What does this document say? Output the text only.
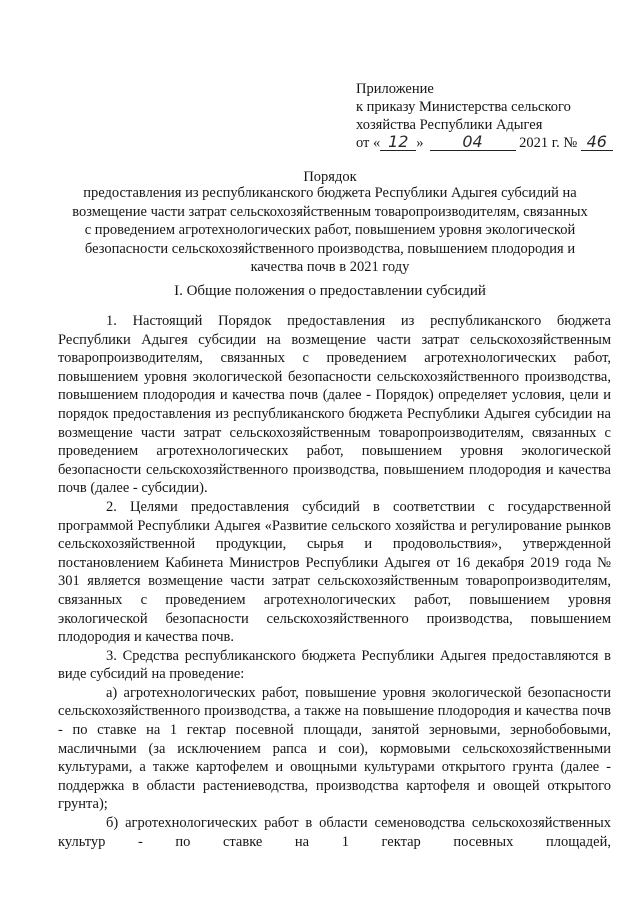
Приложение
к приказу Министерства сельского
хозяйства Республики Адыгея
от « 12 » 04	2021 г. № 46
Порядок
предоставления из республиканского бюджета Республики Адыгея субсидий на возмещение части затрат сельскохозяйственным товаропроизводителям, связанных с проведением агротехнологических работ, повышением уровня экологической безопасности сельскохозяйственного производства, повышением плодородия и качества почв в 2021 году
I. Общие положения о предоставлении субсидий

1. Настоящий Порядок предоставления из республиканского бюджета Республики Адыгея субсидии на возмещение части затрат сельскохозяйственным товаропроизводителям, связанных с проведением агротехнологических работ, повышением уровня экологической безопасности сельскохозяйственного производства, повышением плодородия и качества почв (далее - Порядок) определяет условия, цели и порядок предоставления из республиканского бюджета Республики Адыгея субсидии на возмещение части затрат сельскохозяйственным товаропроизводителям, связанных с проведением агротехнологических работ, повышением уровня экологической безопасности сельскохозяйственного производства, повышением плодородия и качества почв (далее - субсидии).

2. Целями предоставления субсидий в соответствии с государственной программой Республики Адыгея «Развитие сельского хозяйства и регулирование рынков сельскохозяйственной продукции, сырья и продовольствия», утвержденной постановлением Кабинета Министров Республики Адыгея от 16 декабря 2019 года № 301 является возмещение части затрат сельскохозяйственным товаропроизводителям, связанных с проведением агротехнологических работ, повышением уровня экологической безопасности сельскохозяйственного производства, повышением плодородия и качества почв.

3. Средства республиканского бюджета Республики Адыгея предоставляются в виде субсидий на проведение:

а) агротехнологических работ, повышение уровня экологической безопасности сельскохозяйственного производства, а также на повышение плодородия и качества почв - по ставке на 1 гектар посевной площади, занятой зерновыми, зернобобовыми, масличными (за исключением рапса и сои), кормовыми сельскохозяйственными культурами, а также картофелем и овощными культурами открытого грунта (далее - поддержка в области растениеводства, производства картофеля и овощей открытого грунта);

б) агротехнологических работ в области семеноводства сельскохозяйственных культур - по ставке на 1 гектар посевных площадей,
